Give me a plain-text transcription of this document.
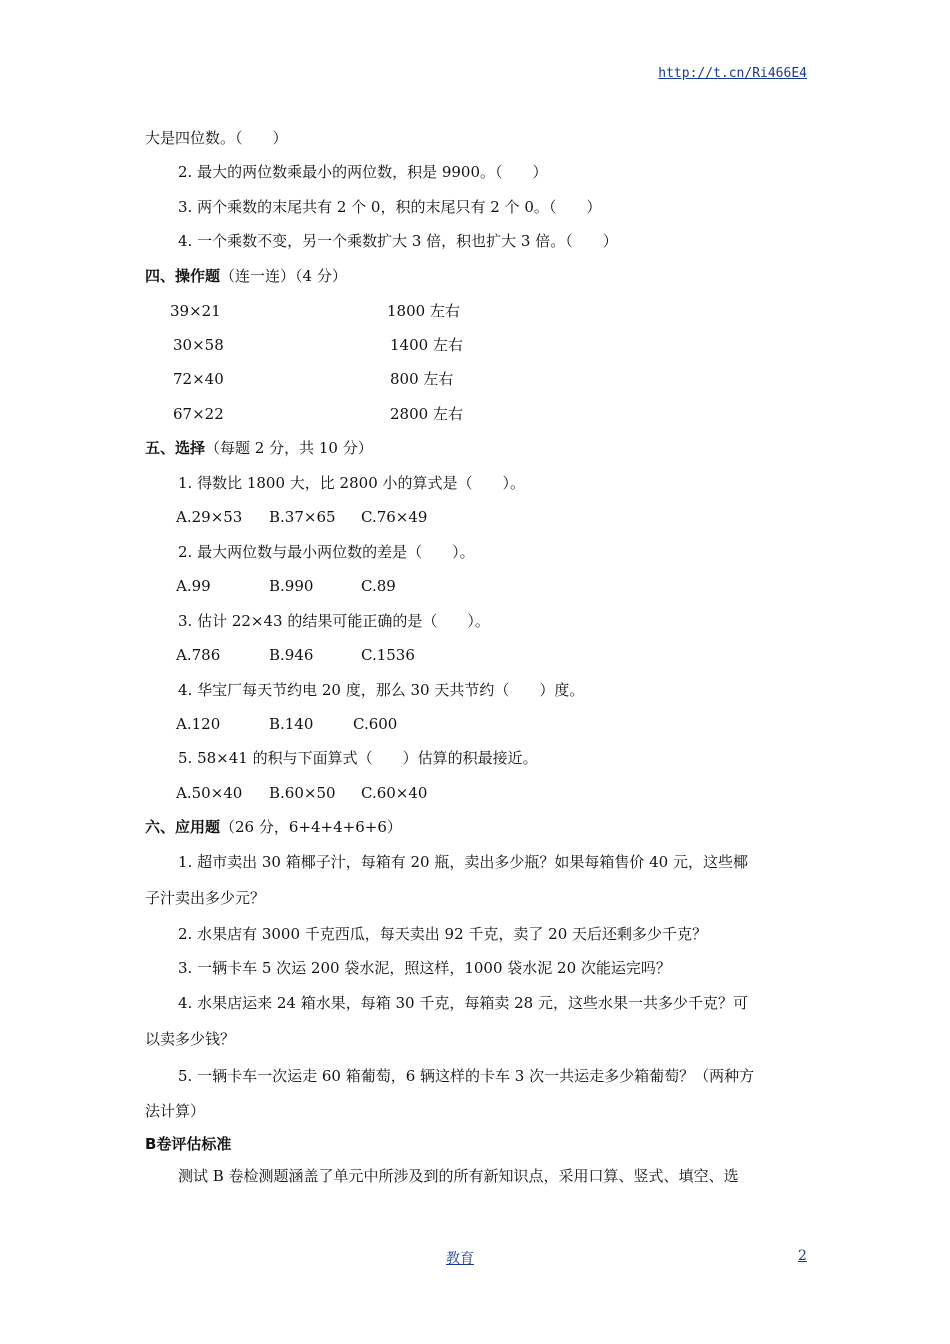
http://t.cn/Ri466E4
大是四位数。（　　）
2. 最大的两位数乘最小的两位数，积是 9900。（　　）
3. 两个乘数的末尾共有 2 个 0，积的末尾只有 2 个 0。（　　）
4. 一个乘数不变，另一个乘数扩大 3 倍，积也扩大 3 倍。（　　）
四、操作题（连一连）（4 分）
39×21	1800 左右
30×58	1400 左右
72×40	800 左右
67×22	2800 左右
五、选择（每题 2 分，共 10 分）
1. 得数比 1800 大，比 2800 小的算式是（　　）。
A.29×53 B.37×65 C.76×49
2. 最大两位数与最小两位数的差是（　　）。
A.99	B.990	C.89
3. 估计 22×43 的结果可能正确的是（　　）。
A.786	B.946	C.1536
4. 华宝厂每天节约电 20 度，那么 30 天共节约（　　）度。
A.120	B.140	C.600
5. 58×41 的积与下面算式（　　）估算的积最接近。
A.50×40 B.60×50 C.60×40
六、应用题（26 分，6+4+4+6+6）
1. 超市卖出 30 箱椰子汁，每箱有 20 瓶，卖出多少瓶？如果每箱售价 40 元，这些椰
子汁卖出多少元？
2. 水果店有 3000 千克西瓜，每天卖出 92 千克，卖了 20 天后还剩多少千克？
3. 一辆卡车 5 次运 200 袋水泥，照这样，1000 袋水泥 20 次能运完吗？
4. 水果店运来 24 箱水果，每箱 30 千克，每箱卖 28 元，这些水果一共多少千克？可
以卖多少钱？
5. 一辆卡车一次运走 60 箱葡萄，6 辆这样的卡车 3 次一共运走多少箱葡萄？（两种方
法计算）
B卷评估标准
测试 B 卷检测题涵盖了单元中所涉及到的所有新知识点，采用口算、竖式、填空、选
教育	2
